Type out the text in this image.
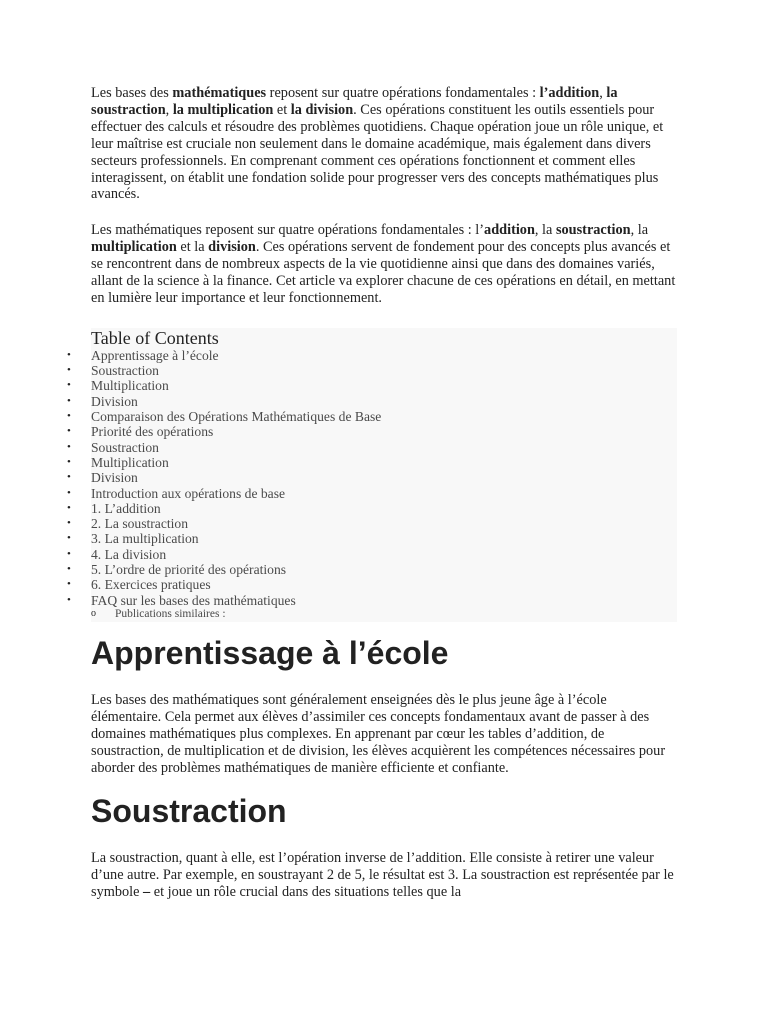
Les bases des mathématiques reposent sur quatre opérations fondamentales : l’addition, la soustraction, la multiplication et la division. Ces opérations constituent les outils essentiels pour effectuer des calculs et résoudre des problèmes quotidiens. Chaque opération joue un rôle unique, et leur maîtrise est cruciale non seulement dans le domaine académique, mais également dans divers secteurs professionnels. En comprenant comment ces opérations fonctionnent et comment elles interagissent, on établit une fondation solide pour progresser vers des concepts mathématiques plus avancés.

Les mathématiques reposent sur quatre opérations fondamentales : l’addition, la soustraction, la multiplication et la division. Ces opérations servent de fondement pour des concepts plus avancés et se rencontrent dans de nombreux aspects de la vie quotidienne ainsi que dans des domaines variés, allant de la science à la finance. Cet article va explorer chacune de ces opérations en détail, en mettant en lumière leur importance et leur fonctionnement.

Table of Contents
• Apprentissage à l’école
• Soustraction
• Multiplication
• Division
• Comparaison des Opérations Mathématiques de Base
• Priorité des opérations
• Soustraction
• Multiplication
• Division
• Introduction aux opérations de base
• 1. L’addition
• 2. La soustraction
• 3. La multiplication
• 4. La division
• 5. L’ordre de priorité des opérations
• 6. Exercices pratiques
• FAQ sur les bases des mathématiques
o Publications similaires :
Apprentissage à l’école

Les bases des mathématiques sont généralement enseignées dès le plus jeune âge à l’école élémentaire. Cela permet aux élèves d’assimiler ces concepts fondamentaux avant de passer à des domaines mathématiques plus complexes. En apprenant par cœur les tables d’addition, de soustraction, de multiplication et de division, les élèves acquièrent les compétences nécessaires pour aborder des problèmes mathématiques de manière efficiente et confiante.

Soustraction

La soustraction, quant à elle, est l’opération inverse de l’addition. Elle consiste à retirer une valeur d’une autre. Par exemple, en soustrayant 2 de 5, le résultat est 3. La soustraction est représentée par le symbole – et joue un rôle crucial dans des situations telles que la
